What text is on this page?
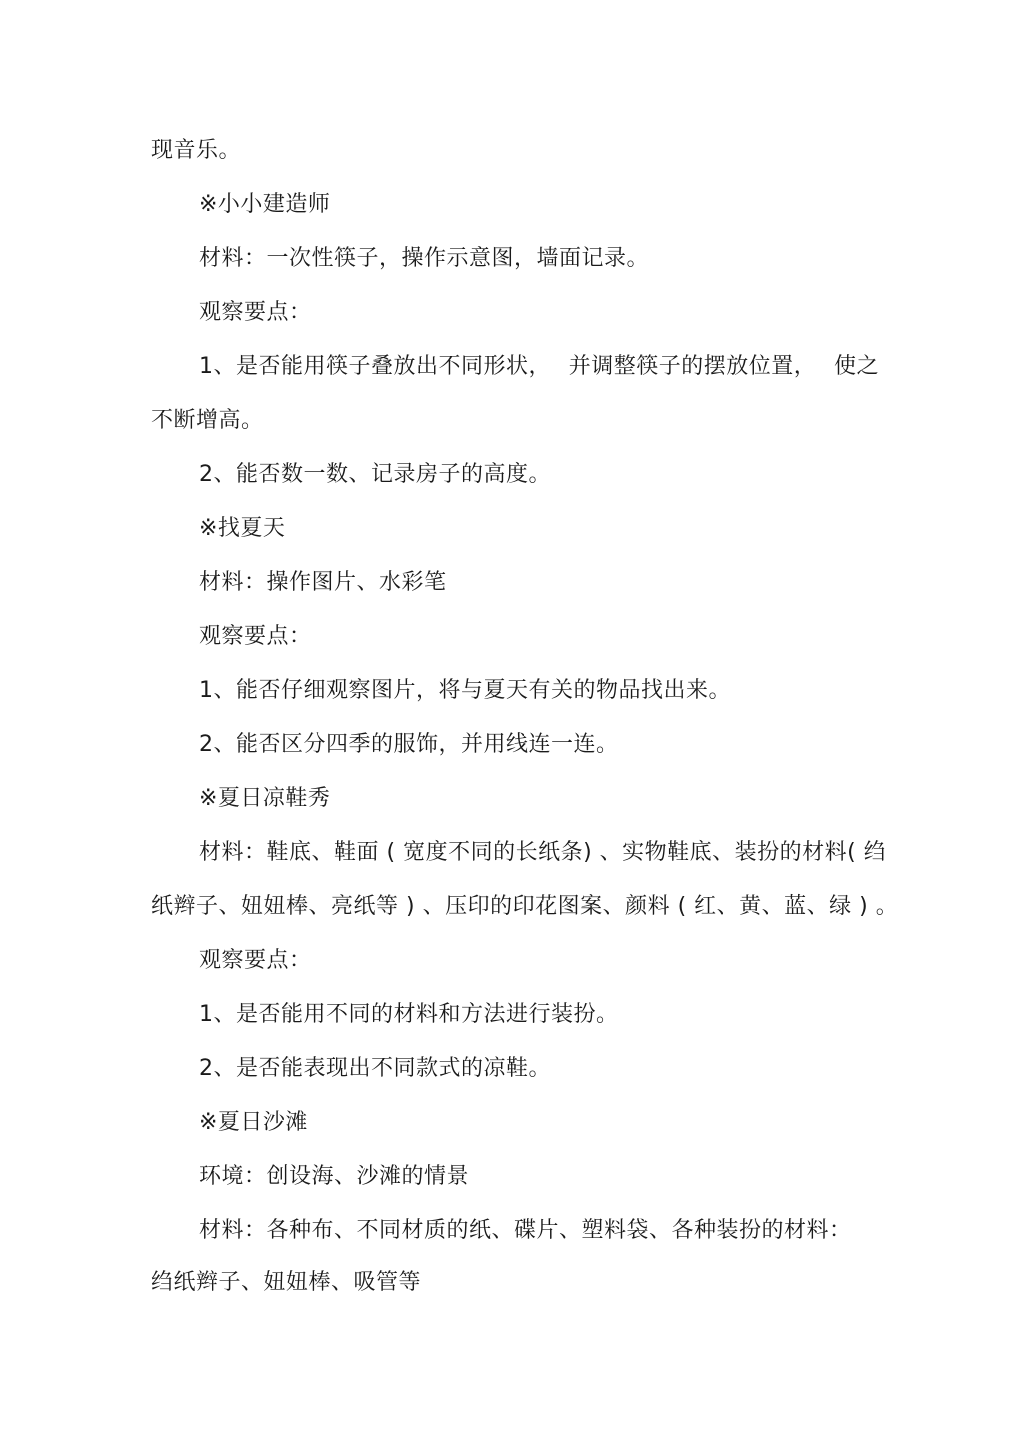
现音乐。
※小小建造师
材料：一次性筷子，操作示意图，墙面记录。
观察要点：
1、是否能用筷子叠放出不同形状， 并调整筷子的摆放位置， 使之
不断增高。
2、能否数一数、记录房子的高度。
※找夏天
材料：操作图片、水彩笔
观察要点：
1、能否仔细观察图片，将与夏天有关的物品找出来。
2、能否区分四季的服饰，并用线连一连。
※夏日凉鞋秀
材料：鞋底、鞋面 ( 宽度不同的长纸条 ) 、实物鞋底、装扮的材料 ( 绉
纸辫子、妞妞棒、亮纸等 ) 、压印的印花图案、 颜料 ( 红、黄、蓝、绿 ) 。
观察要点：
1、是否能用不同的材料和方法进行装扮。
2、是否能表现出不同款式的凉鞋。
※夏日沙滩
环境：创设海、沙滩的情景
材料：各种布、不同材质的纸、碟片、塑料袋、各种装扮的材料：
绉纸辫子、妞妞棒、吸管等
